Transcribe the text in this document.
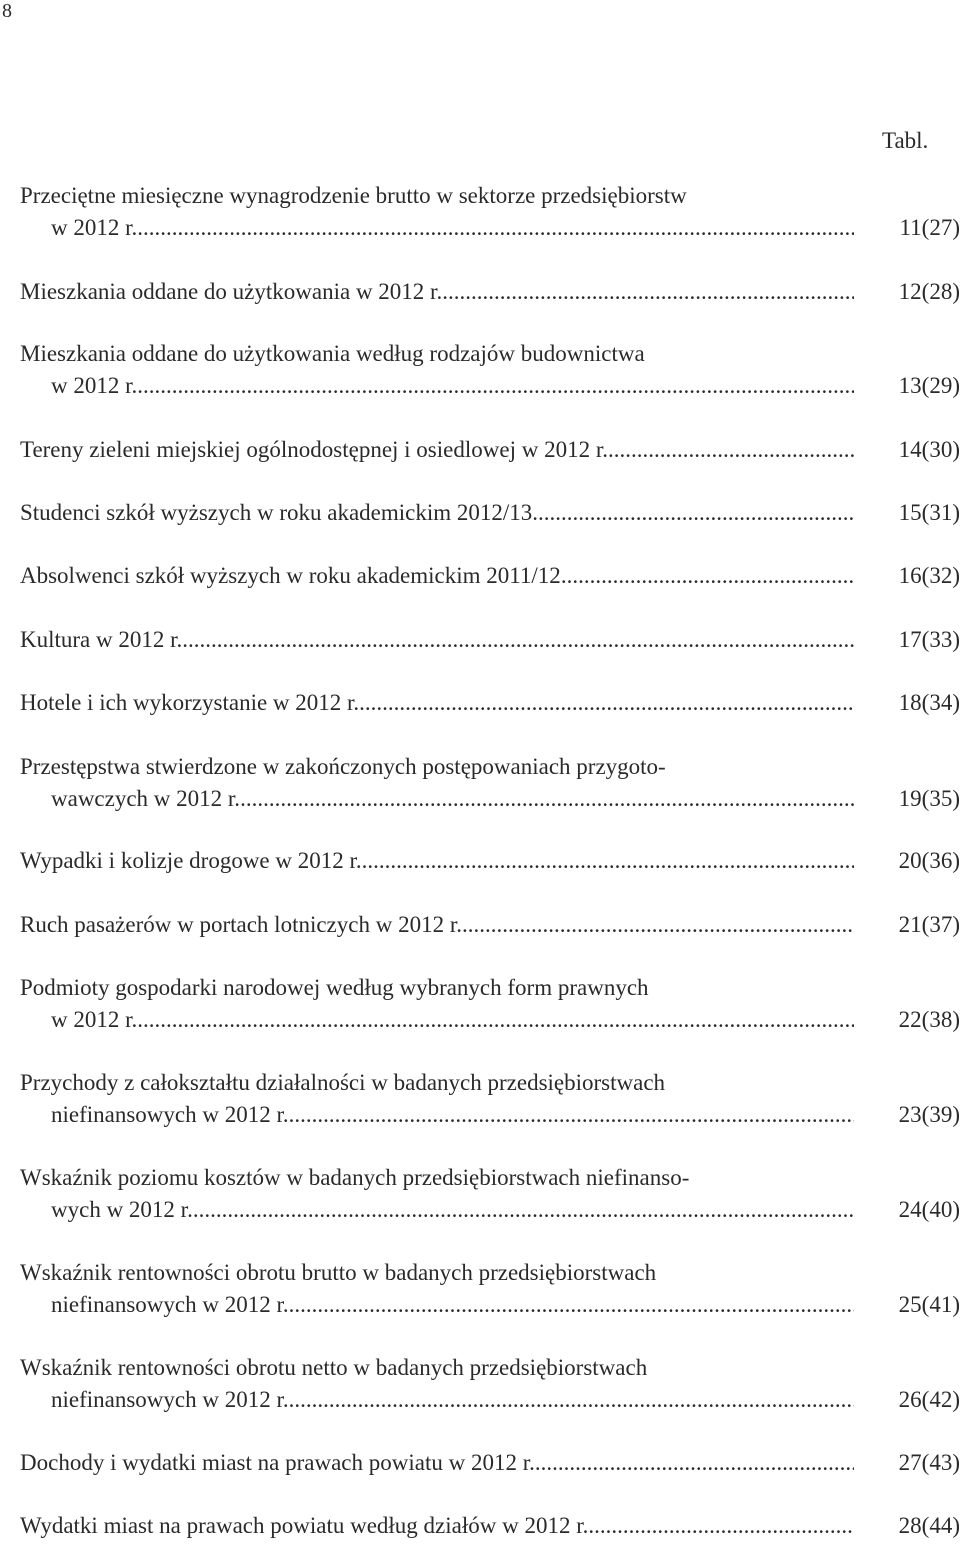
8
Tabl.
Przeciętne miesięczne wynagrodzenie brutto w sektorze przedsiębiorstw
w 2012 r. .....	11(27)
Mieszkania oddane do użytkowania w 2012 r. .....	12(28)
Mieszkania oddane do użytkowania według rodzajów budownictwa
w 2012 r. .....	13(29)
Tereny zieleni miejskiej ogólnodostępnej i osiedlowej w 2012 r. .....	14(30)
Studenci szkół wyższych w roku akademickim 2012/13 .....	15(31)
Absolwenci szkół wyższych w roku akademickim 2011/12 .....	16(32)
Kultura w 2012 r. .....	17(33)
Hotele i ich wykorzystanie w 2012 r. .....	18(34)
Przestępstwa stwierdzone w zakończonych postępowaniach przygoto-
wawczych w 2012 r. .....	19(35)
Wypadki i kolizje drogowe w 2012 r. .....	20(36)
Ruch pasażerów w portach lotniczych w 2012 r. .....	21(37)
Podmioty gospodarki narodowej według wybranych form prawnych
w 2012 r. .....	22(38)
Przychody z całokształtu działalności w badanych przedsiębiorstwach
niefinansowych w 2012 r. .....	23(39)
Wskaźnik poziomu kosztów w badanych przedsiębiorstwach niefinanso-
wych w 2012 r. .....	24(40)
Wskaźnik rentowności obrotu brutto w badanych przedsiębiorstwach
niefinansowych w 2012 r. .....	25(41)
Wskaźnik rentowności obrotu netto w badanych przedsiębiorstwach
niefinansowych w 2012 r. .....	26(42)
Dochody i wydatki miast na prawach powiatu w 2012 r. .....	27(43)
Wydatki miast na prawach powiatu według działów w 2012 r. .....	28(44)
